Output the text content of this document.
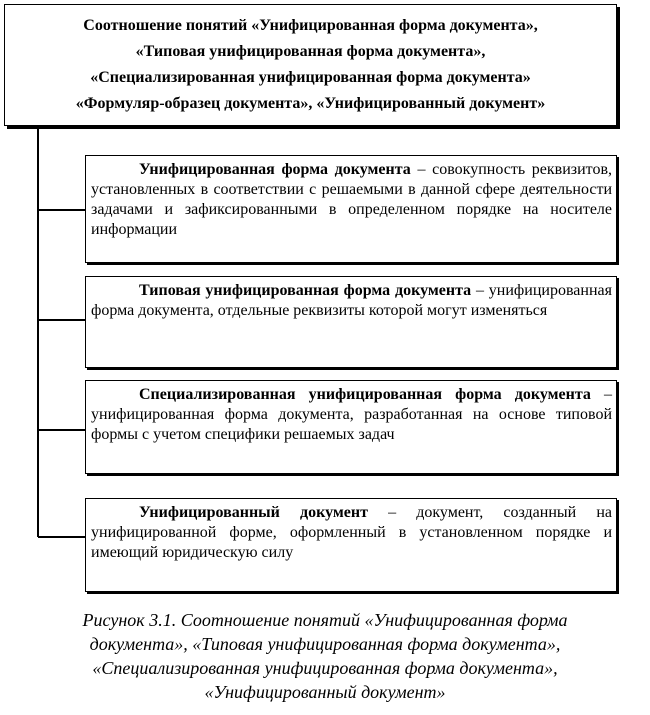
Соотношение понятий «Унифицированная форма документа»,
«Типовая унифицированная форма документа»,
«Специализированная унифицированная форма документа»
«Формуляр-образец документа», «Унифицированный документ»

Унифицированная форма документа – совокупность реквизитов, установленных в соответствии с решаемыми в данной сфере деятельности задачами и зафиксированными в определенном порядке на носителе информации

Типовая унифицированная форма документа – унифицированная форма документа, отдельные реквизиты которой могут изменяться

Специализированная унифицированная форма документа – унифицированная форма документа, разработанная на основе типовой формы с учетом специфики решаемых задач

Унифицированный документ – документ, созданный на унифицированной форме, оформленный в установленном порядке и имеющий юридическую силу

Рисунок 3.1. Соотношение понятий «Унифицированная форма
документа», «Типовая унифицированная форма документа»,
«Специализированная унифицированная форма документа»,
«Унифицированный документ»
